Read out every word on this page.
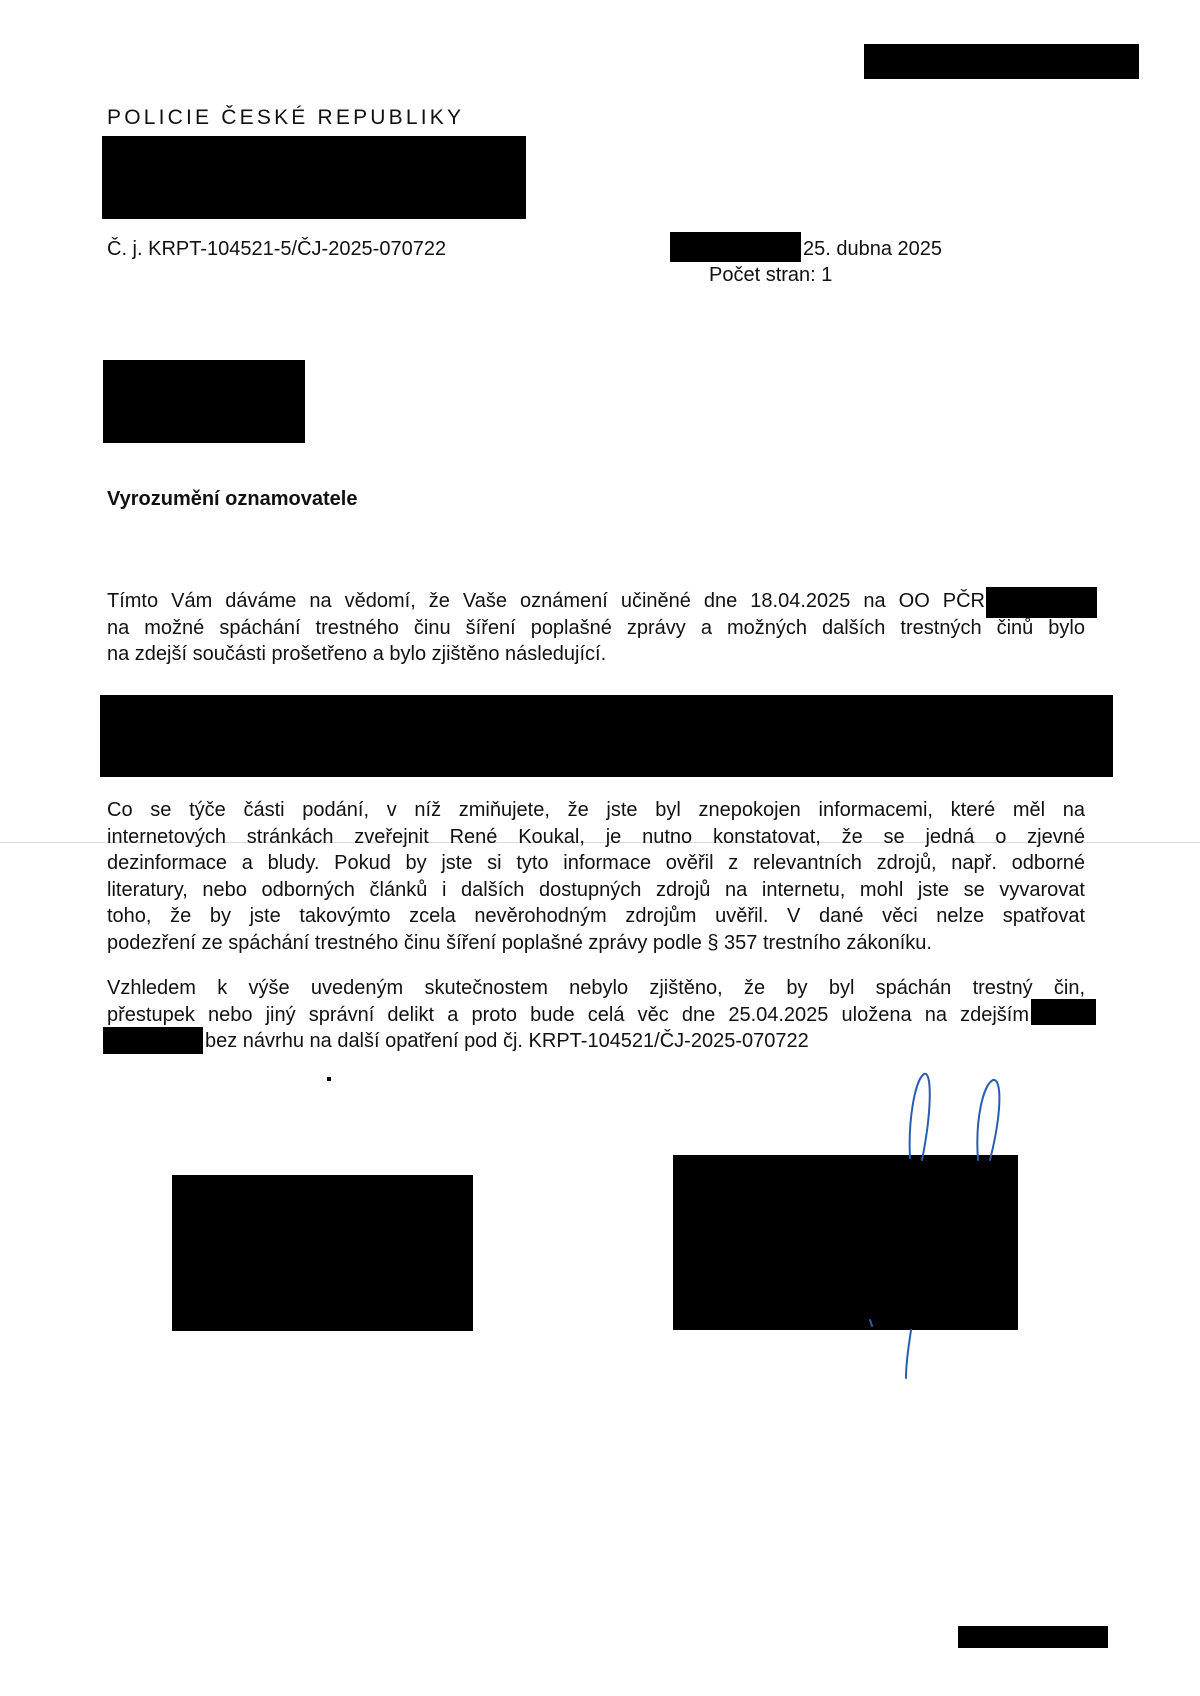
POLICIE ČESKÉ REPUBLIKY
Č. j. KRPT-104521-5/ČJ-2025-070722	25. dubna 2025
Počet stran: 1
Vyrozumění oznamovatele
Tímto Vám dáváme na vědomí, že Vaše oznámení učiněné dne 18.04.2025 na OO PČR
na možné spáchání trestného činu šíření poplašné zprávy a možných dalších trestných činů bylo
na zdejší součásti prošetřeno a bylo zjištěno následující.
Co se týče části podání, v níž zmiňujete, že jste byl znepokojen informacemi, které měl na
internetových stránkách zveřejnit René Koukal, je nutno konstatovat, že se jedná o zjevné
dezinformace a bludy. Pokud by jste si tyto informace ověřil z relevantních zdrojů, např. odborné
literatury, nebo odborných článků i dalších dostupných zdrojů na internetu, mohl jste se vyvarovat
toho, že by jste takovýmto zcela nevěrohodným zdrojům uvěřil. V dané věci nelze spatřovat
podezření ze spáchání trestného činu šíření poplašné zprávy podle § 357 trestního zákoníku.
Vzhledem k výše uvedeným skutečnostem nebylo zjištěno, že by byl spáchán trestný čin,
přestupek nebo jiný správní delikt a proto bude celá věc dne 25.04.2025 uložena na zdejším
bez návrhu na další opatření pod čj. KRPT-104521/ČJ-2025-070722
